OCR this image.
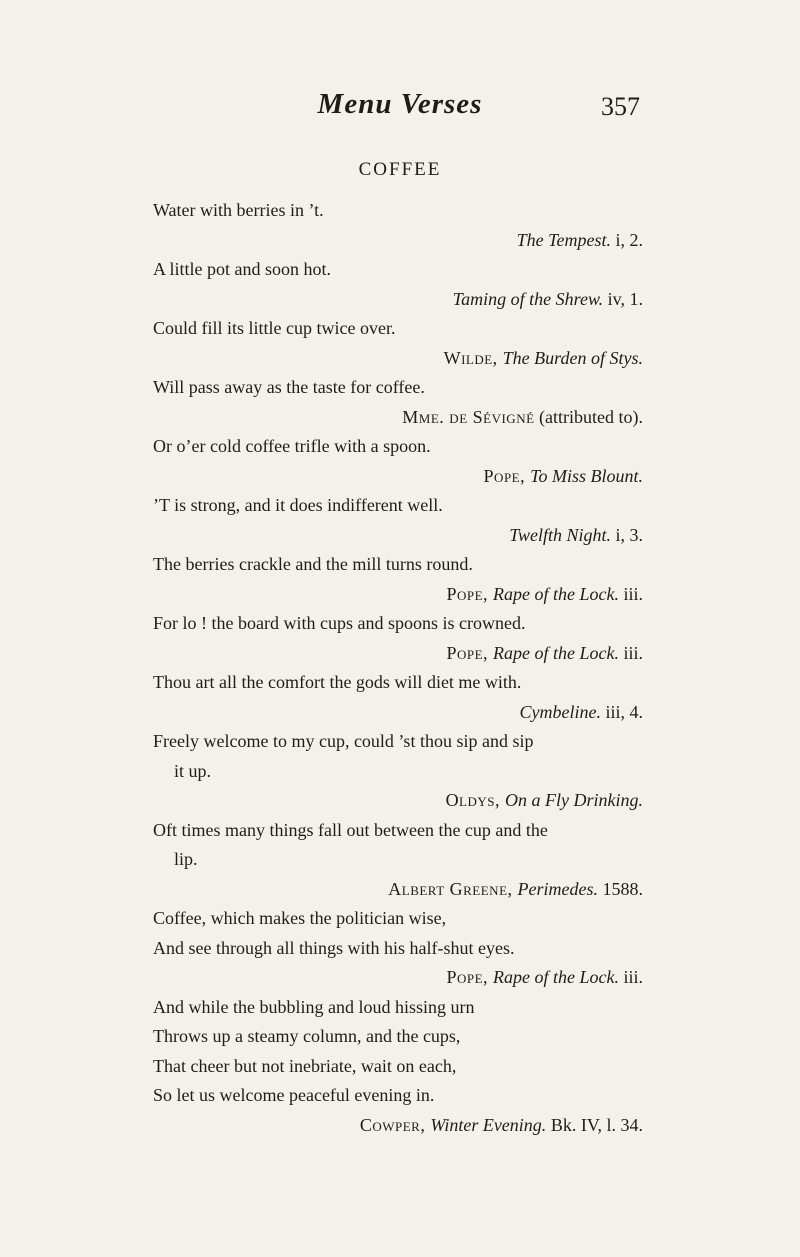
Menu Verses	357
COFFEE
Water with berries in ’t.
The Tempest. i, 2.
A little pot and soon hot.
Taming of the Shrew. iv, 1.
Could fill its little cup twice over.
Wilde, The Burden of Stys.
Will pass away as the taste for coffee.
Mme. de Sévigné (attributed to).
Or o’er cold coffee trifle with a spoon.
Pope, To Miss Blount.
’T is strong, and it does indifferent well.
Twelfth Night. i, 3.
The berries crackle and the mill turns round.
Pope, Rape of the Lock. iii.
For lo ! the board with cups and spoons is crowned.
Pope, Rape of the Lock. iii.
Thou art all the comfort the gods will diet me with.
Cymbeline. iii, 4.
Freely welcome to my cup, could ’st thou sip and sip
it up.
Oldys, On a Fly Drinking.
Oft times many things fall out between the cup and the
lip.
Albert Greene, Perimedes. 1588.
Coffee, which makes the politician wise,
And see through all things with his half-shut eyes.
Pope, Rape of the Lock. iii.
And while the bubbling and loud hissing urn
Throws up a steamy column, and the cups,
That cheer but not inebriate, wait on each,
So let us welcome peaceful evening in.
Cowper, Winter Evening. Bk. IV, l. 34.
